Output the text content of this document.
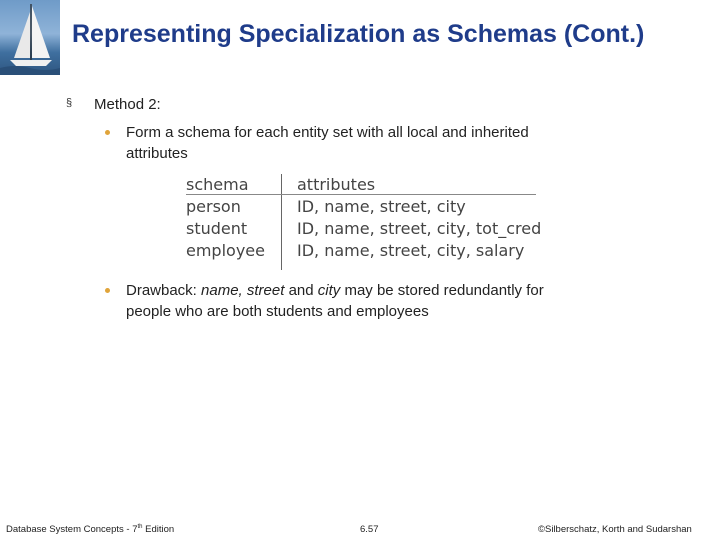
Representing Specialization as Schemas (Cont.)
§ Method 2:
Form a schema for each entity set with all local and inherited
attributes
schema	attributes
person	ID, name, street, city
student	ID, name, street, city, tot_cred
employee ID, name, street, city, salary
Drawback: name, street and city may be stored redundantly for
people who are both students and employees
Database System Concepts - 7th Edition	6.57	©Silberschatz, Korth and Sudarshan
